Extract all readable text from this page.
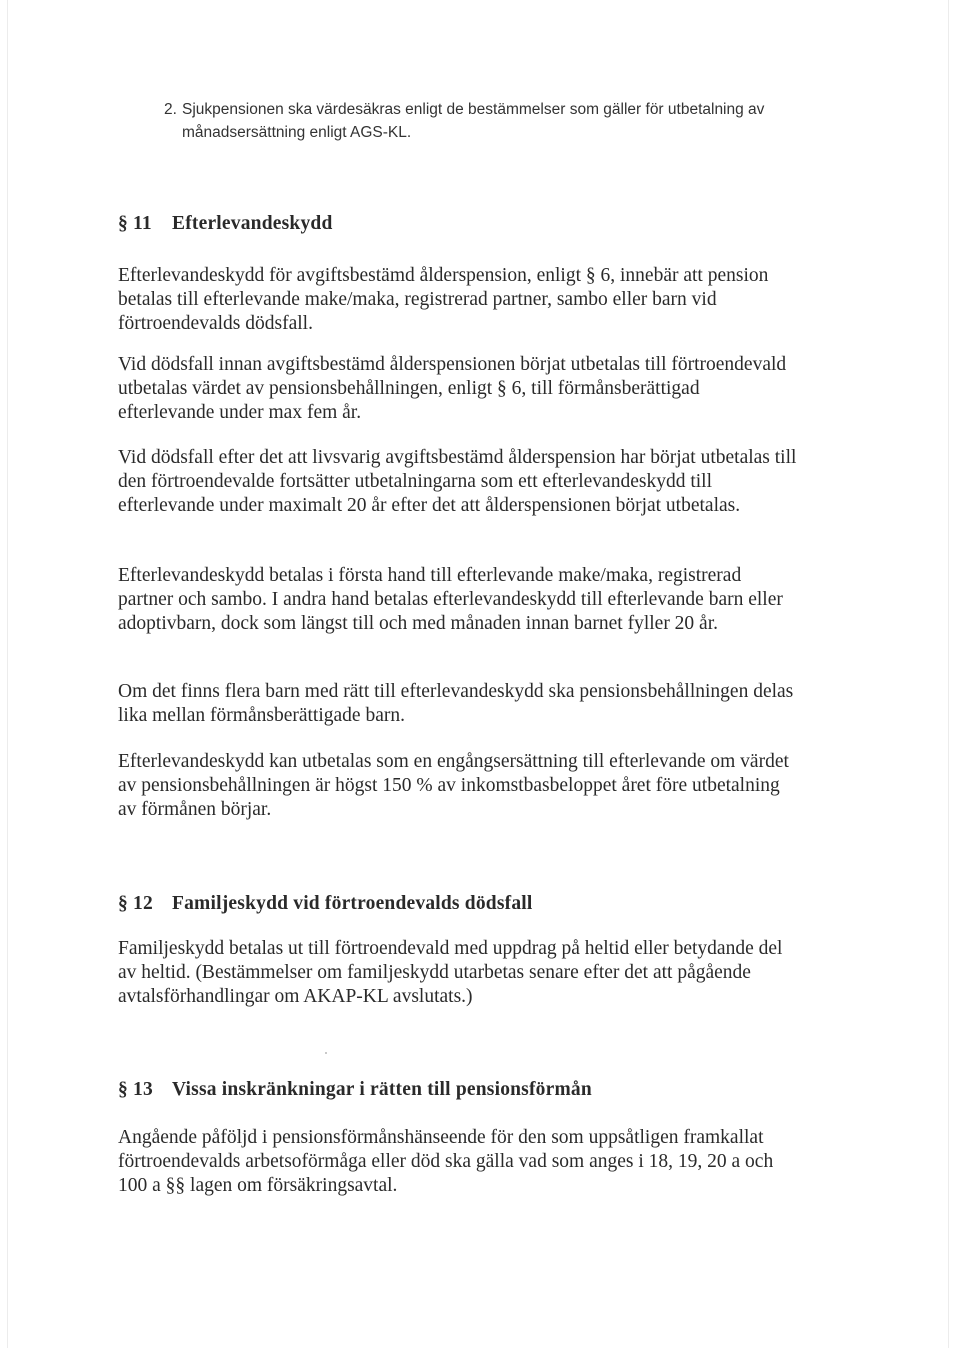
2. Sjukpensionen ska värdesäkras enligt de bestämmelser som gäller för utbetalning av månadsersättning enligt AGS-KL.
§ 11 Efterlevandeskydd

Efterlevandeskydd för avgiftsbestämd ålderspension, enligt § 6, innebär att pension betalas till efterlevande make/maka, registrerad partner, sambo eller barn vid förtroendevalds dödsfall.

Vid dödsfall innan avgiftsbestämd ålderspensionen börjat utbetalas till förtroendevald utbetalas värdet av pensionsbehållningen, enligt § 6, till förmånsberättigad efterlevande under max fem år.

Vid dödsfall efter det att livsvarig avgiftsbestämd ålderspension har börjat utbetalas till den förtroendevalde fortsätter utbetalningarna som ett efterlevandeskydd till efterlevande under maximalt 20 år efter det att ålderspensionen börjat utbetalas.

Efterlevandeskydd betalas i första hand till efterlevande make/maka, registrerad partner och sambo. I andra hand betalas efterlevandeskydd till efterlevande barn eller adoptivbarn, dock som längst till och med månaden innan barnet fyller 20 år.

Om det finns flera barn med rätt till efterlevandeskydd ska pensionsbehållningen delas lika mellan förmånsberättigade barn.

Efterlevandeskydd kan utbetalas som en engångsersättning till efterlevande om värdet av pensionsbehållningen är högst 150 % av inkomstbasbeloppet året före utbetalning av förmånen börjar.

§ 12 Familjeskydd vid förtroendevalds dödsfall

Familjeskydd betalas ut till förtroendevald med uppdrag på heltid eller betydande del av heltid. (Bestämmelser om familjeskydd utarbetas senare efter det att pågående avtalsförhandlingar om AKAP-KL avslutats.)

§ 13 Vissa inskränkningar i rätten till pensionsförmån

Angående påföljd i pensionsförmånshänseende för den som uppsåtligen framkallat förtroendevalds arbetsoförmåga eller död ska gälla vad som anges i 18, 19, 20 a och 100 a §§ lagen om försäkringsavtal.
